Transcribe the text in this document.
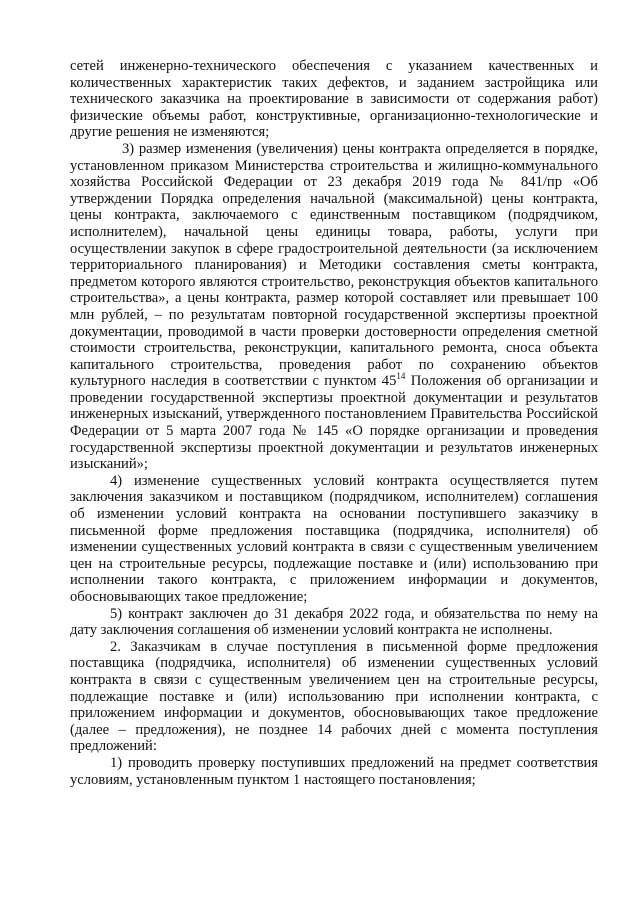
сетей инженерно-технического обеспечения с указанием качественных и количественных характеристик таких дефектов, и заданием застройщика или технического заказчика на проектирование в зависимости от содержания работ) физические объемы работ, конструктивные, организационно-технологические и другие решения не изменяются;

3) размер изменения (увеличения) цены контракта определяется в порядке, установленном приказом Министерства строительства и жилищно-коммунального хозяйства Российской Федерации от 23 декабря 2019 года № 841/пр «Об утверждении Порядка определения начальной (максимальной) цены контракта, цены контракта, заключаемого с единственным поставщиком (подрядчиком, исполнителем), начальной цены единицы товара, работы, услуги при осуществлении закупок в сфере градостроительной деятельности (за исключением территориального планирования) и Методики составления сметы контракта, предметом которого являются строительство, реконструкция объектов капитального строительства», а цены контракта, размер которой составляет или превышает 100 млн рублей, – по результатам повторной государственной экспертизы проектной документации, проводимой в части проверки достоверности определения сметной стоимости строительства, реконструкции, капитального ремонта, сноса объекта капитального строительства, проведения работ по сохранению объектов культурного наследия в соответствии с пунктом $45^{14}$ Положения об организации и проведении государственной экспертизы проектной документации и результатов инженерных изысканий, утвержденного постановлением Правительства Российской Федерации от 5 марта 2007 года № 145 «О порядке организации и проведения государственной экспертизы проектной документации и результатов инженерных изысканий»;

4) изменение существенных условий контракта осуществляется путем заключения заказчиком и поставщиком (подрядчиком, исполнителем) соглашения об изменении условий контракта на основании поступившего заказчику в письменной форме предложения поставщика (подрядчика, исполнителя) об изменении существенных условий контракта в связи с существенным увеличением цен на строительные ресурсы, подлежащие поставке и (или) использованию при исполнении такого контракта, с приложением информации и документов, обосновывающих такое предложение;

5) контракт заключен до 31 декабря 2022 года, и обязательства по нему на дату заключения соглашения об изменении условий контракта не исполнены.

2. Заказчикам в случае поступления в письменной форме предложения поставщика (подрядчика, исполнителя) об изменении существенных условий контракта в связи с существенным увеличением цен на строительные ресурсы, подлежащие поставке и (или) использованию при исполнении контракта, с приложением информации и документов, обосновывающих такое предложение (далее – предложения), не позднее 14 рабочих дней с момента поступления предложений:

1) проводить проверку поступивших предложений на предмет соответствия условиям, установленным пунктом 1 настоящего постановления;
